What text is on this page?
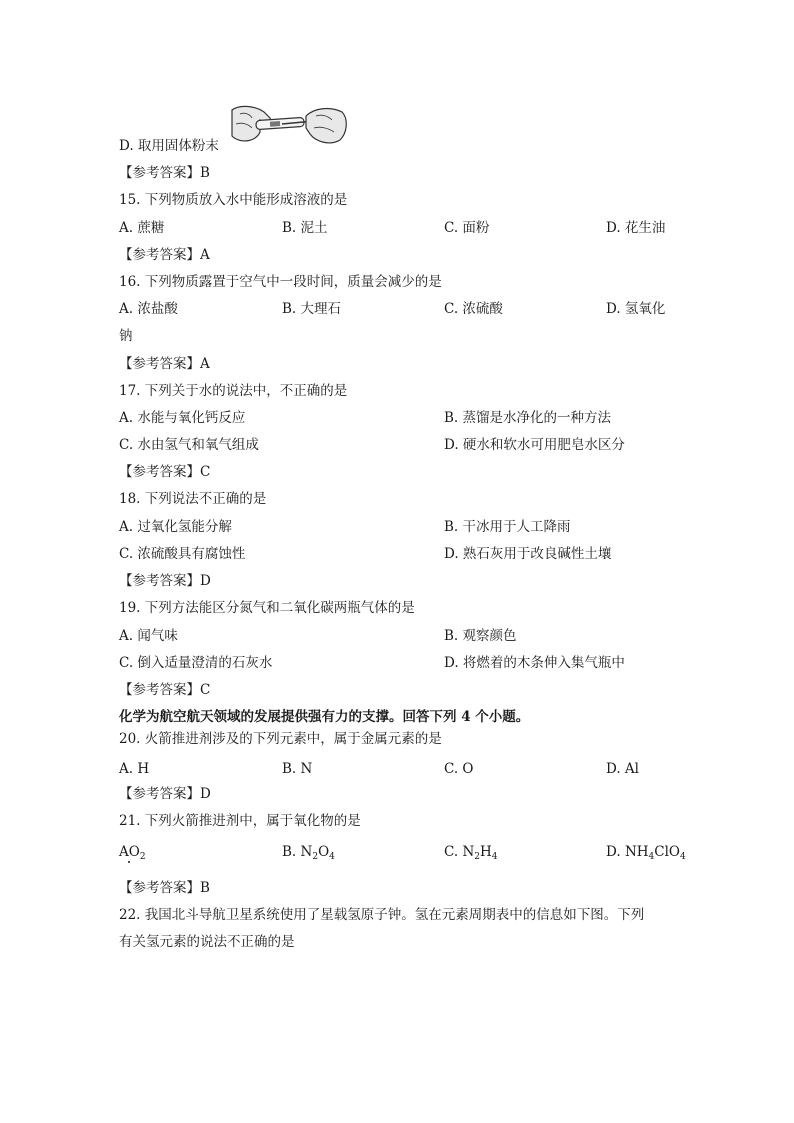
D. 取用固体粉末
【参考答案】B
15. 下列物质放入水中能形成溶液的是
A. 蔗糖	B. 泥土	C. 面粉	D. 花生油
【参考答案】A
16. 下列物质露置于空气中一段时间，质量会减少的是
A. 浓盐酸	B. 大理石	C. 浓硫酸	D. 氢氧化
钠
【参考答案】A
17. 下列关于水的说法中，不正确的是
A. 水能与氧化钙反应	B. 蒸馏是水净化的一种方法
C. 水由氢气和氧气组成	D. 硬水和软水可用肥皂水区分
【参考答案】C
18. 下列说法不正确的是
A. 过氧化氢能分解	B. 干冰用于人工降雨
C. 浓硫酸具有腐蚀性	D. 熟石灰用于改良碱性土壤
【参考答案】D
19. 下列方法能区分氮气和二氧化碳两瓶气体的是
A. 闻气味	B. 观察颜色
C. 倒入适量澄清的石灰水	D. 将燃着的木条伸入集气瓶中
【参考答案】C
化学为航空航天领域的发展提供强有力的支撑。回答下列 4 个小题。
20. 火箭推进剂涉及的下列元素中，属于金属元素的是
A. H	B. N	C. O	D. Al
【参考答案】D
21. 下列火箭推进剂中，属于氧化物的是
$AO_2$	B. $N_2O_4$	C. $N_2H_4$	D. $NH_4ClO_4$
【参考答案】B
22. 我国北斗导航卫星系统使用了星载氢原子钟。氢在元素周期表中的信息如下图。下列
有关氢元素的说法不正确的是
